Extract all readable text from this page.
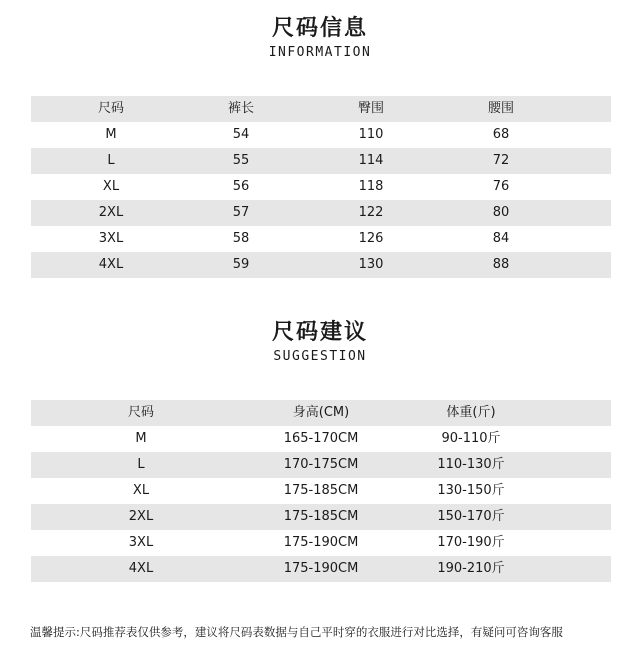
尺码信息
INFORMATION
尺码	裤长	臀围	腰围
M	54	110	68
L	55	114	72
XL	56	118	76
2XL	57	122	80
3XL	58	126	84
4XL	59	130	88
尺码建议
SUGGESTION
尺码	身高(CM)	体重(斤)
M	165-170CM	90-110斤
L	170-175CM	110-130斤
XL	175-185CM	130-150斤
2XL	175-185CM	150-170斤
3XL	175-190CM	170-190斤
4XL	175-190CM	190-210斤
温馨提示:尺码推荐表仅供参考，建议将尺码表数据与自己平时穿的衣服进行对比选择，有疑问可咨询客服
